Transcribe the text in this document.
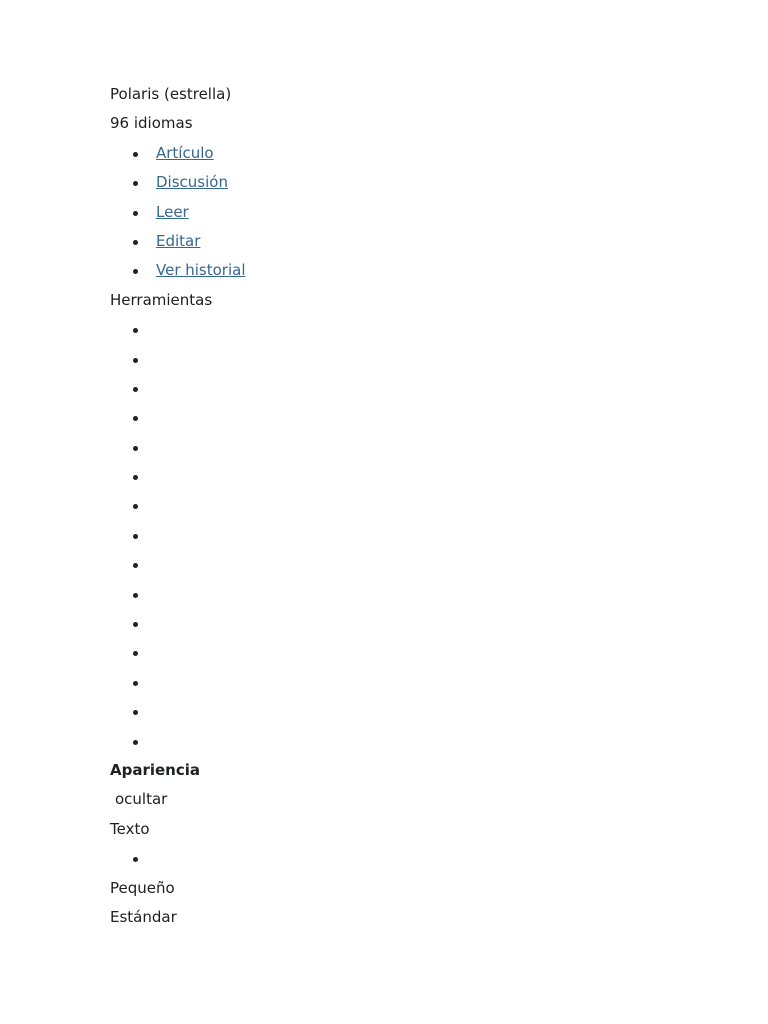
Polaris (estrella)
96 idiomas
Artículo
Discusión
Leer
Editar
Ver historial
Herramientas
Apariencia
ocultar
Texto
Pequeño
Estándar
